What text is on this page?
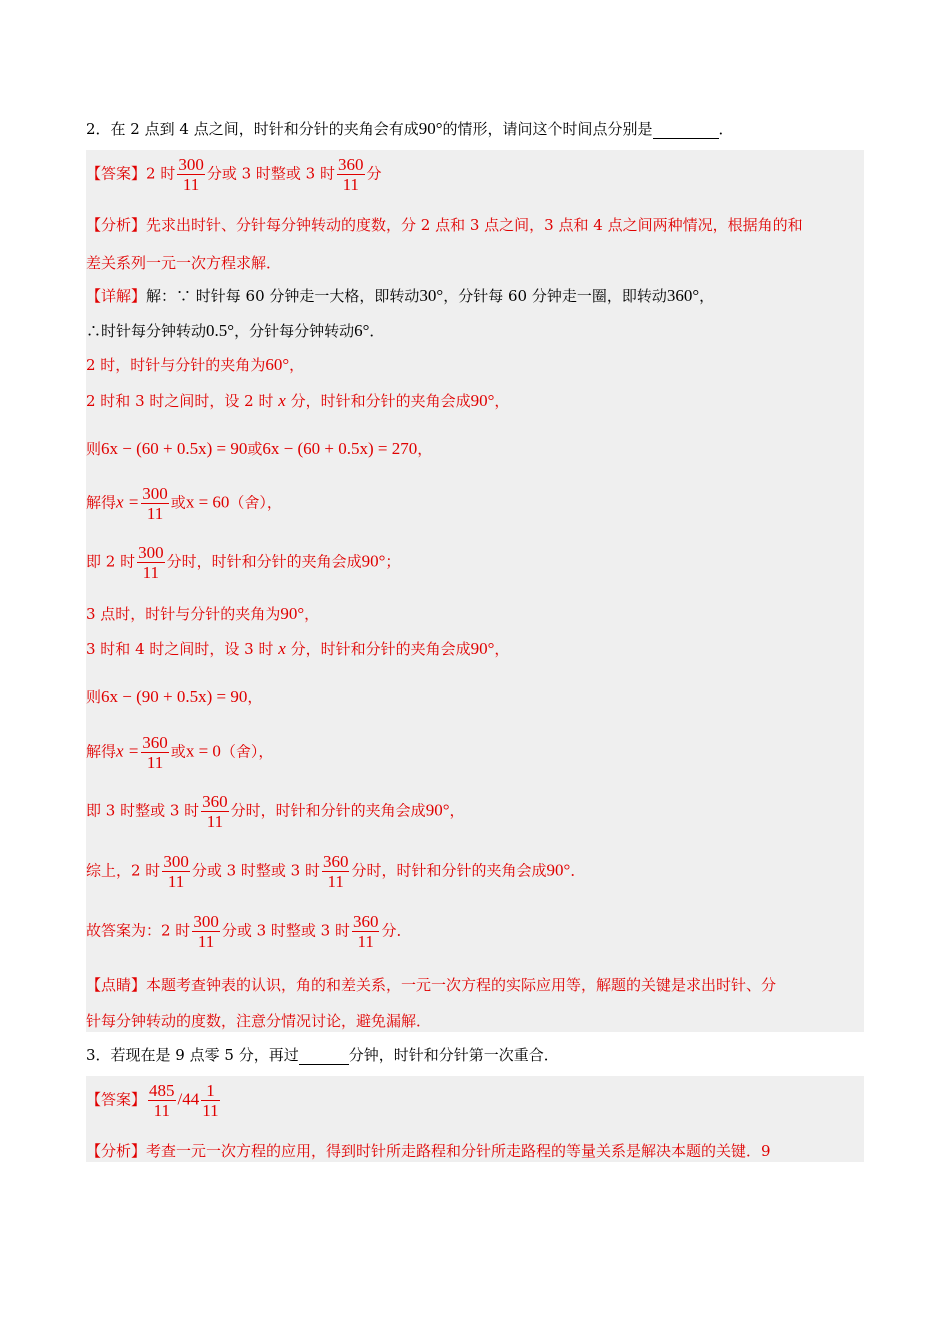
2．在 2 点到 4 点之间，时针和分针的夹角会有成90°的情形，请问这个时间点分别是	．
【答案】2 时 $\frac{300}{11}$ 分或 3 时整或 3 时 $\frac{360}{11}$ 分
【分析】先求出时针、分针每分钟转动的度数，分 2 点和 3 点之间，3 点和 4 点之间两种情况，根据角的和
差关系列一元一次方程求解．
【详解】解：∵ 时针每 60 分钟走一大格，即转动30°，分针每 60 分钟走一圈，即转动360°，
∴时针每分钟转动0.5°，分针每分钟转动6°．
2 时，时针与分针的夹角为60°，
2 时和 3 时之间时，设 2 时 x 分，时针和分针的夹角会成90°，
则6x − (60 + 0.5x) = 90或6x − (60 + 0.5x) = 270，
解得$x = \frac{300}{11}$ 或x = 60（舍），
即 2 时 $\frac{300}{11}$ 分时，时针和分针的夹角会成90°；
3 点时，时针与分针的夹角为90°，
3 时和 4 时之间时，设 3 时 x 分，时针和分针的夹角会成90°，
则6x − (90 + 0.5x) = 90，
解得$x = \frac{360}{11}$ 或x = 0（舍），
即 3 时整或 3 时 $\frac{360}{11}$ 分时，时针和分针的夹角会成90°，
综上，2 时 $\frac{300}{11}$ 分或 3 时整或 3 时 $\frac{360}{11}$ 分时，时针和分针的夹角会成90°．
故答案为：2 时 $\frac{300}{11}$ 分或 3 时整或 3 时 $\frac{360}{11}$ 分．
【点睛】本题考查钟表的认识，角的和差关系，一元一次方程的实际应用等，解题的关键是求出时针、分
针每分钟转动的度数，注意分情况讨论，避免漏解．
3．若现在是 9 点零 5 分，再过	分钟，时针和分针第一次重合．
【答案】 $\frac{485}{11} /44 \frac{1}{11}$
【分析】考查一元一次方程的应用，得到时针所走路程和分针所走路程的等量关系是解决本题的关键．9
